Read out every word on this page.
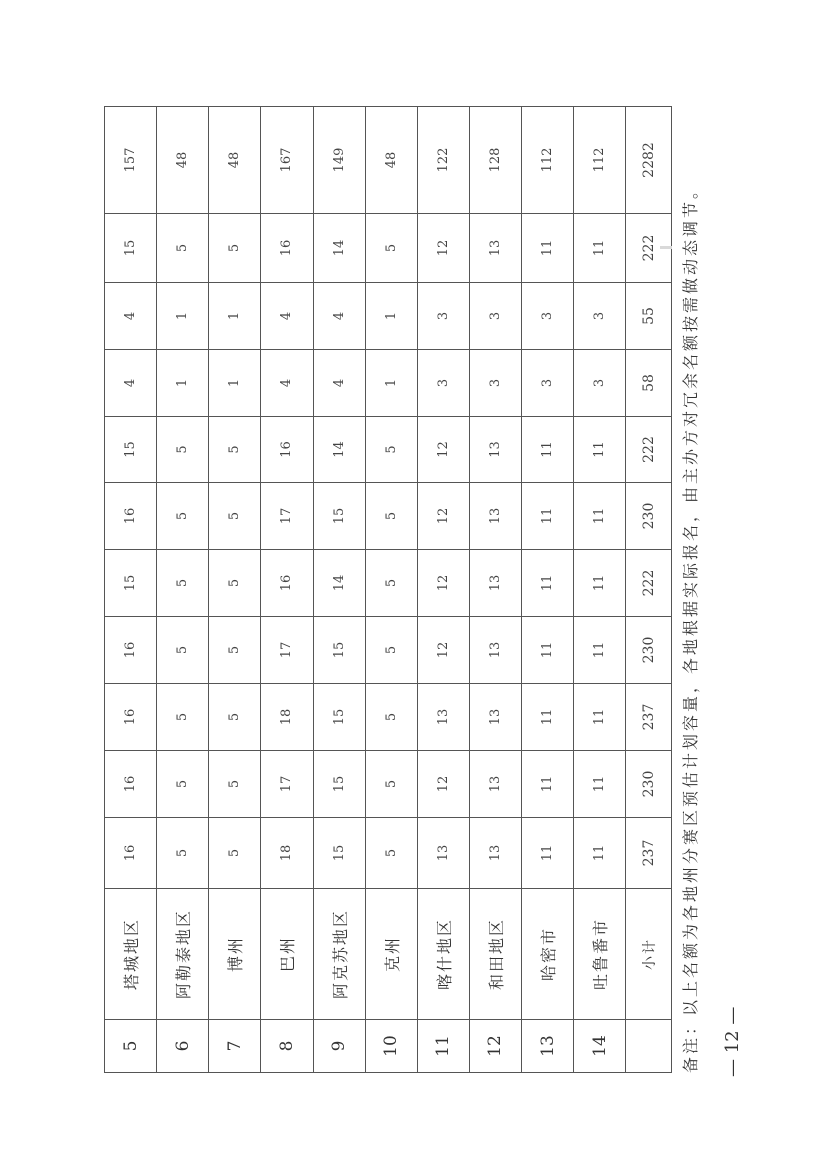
5	塔城地区	16	16	16	16	15	16	15	4	4	15	157
6	阿勒泰地区	5	5	5	5	5	5	5	1	1	5	48
7	博州	5	5	5	5	5	5	5	1	1	5	48
8	巴州	18	17	18	17	16	17	16	4	4	16	167
9	阿克苏地区	15	15	15	15	14	15	14	4	4	14	149
10	克州	5	5	5	5	5	5	5	1	1	5	48
11	喀什地区	13	12	13	12	12	12	12	3	3	12	122
12	和田地区	13	13	13	13	13	13	13	3	3	13	128
13	哈密市	11	11	11	11	11	11	11	3	3	11	112
14	吐鲁番市	11	11	11	11	11	11	11	3	3	11	112
	小计	237	230	237	230	222	230	222	58	55	222	2282
备注：以上名额为各地州分赛区预估计划容量，各地根据实际报名，由主办方对冗余名额按需做动态调节。 — 12 —
